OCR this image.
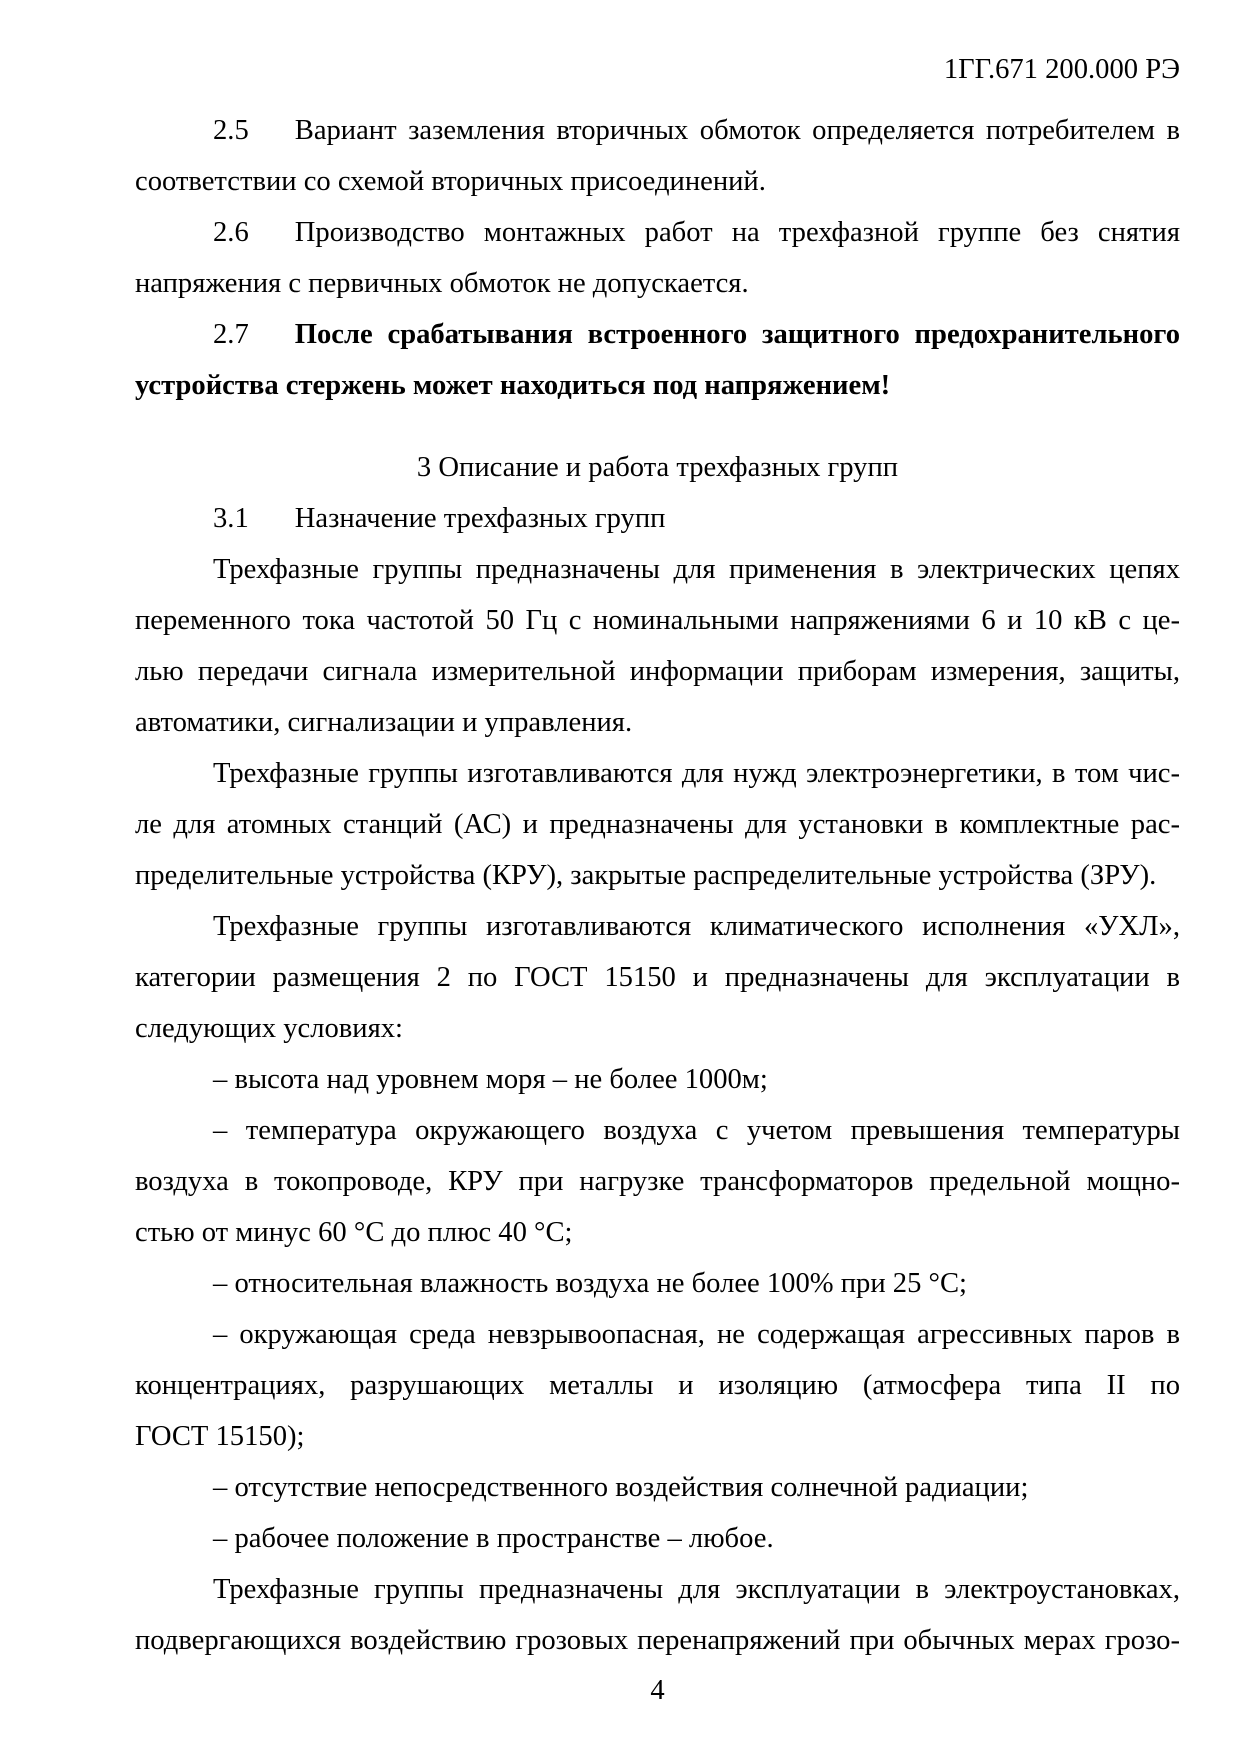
1ГГ.671 200.000 РЭ
2.5 Вариант заземления вторичных обмоток определяется потребителем в
соответствии со схемой вторичных присоединений.
2.6 Производство монтажных работ на трехфазной группе без снятия
напряжения с первичных обмоток не допускается.
2.7 После срабатывания встроенного защитного предохранительного
устройства стержень может находиться под напряжением!
3 Описание и работа трехфазных групп
3.1 Назначение трехфазных групп
Трехфазные группы предназначены для применения в электрических цепях
переменного тока частотой 50 Гц с номинальными напряжениями 6 и 10 кВ с це-
лью передачи сигнала измерительной информации приборам измерения, защиты,
автоматики, сигнализации и управления.
Трехфазные группы изготавливаются для нужд электроэнергетики, в том чис-
ле для атомных станций (АС) и предназначены для установки в комплектные рас-
пределительные устройства (КРУ), закрытые распределительные устройства (ЗРУ).
Трехфазные группы изготавливаются климатического исполнения «УХЛ»,
категории размещения 2 по ГОСТ 15150 и предназначены для эксплуатации в
следующих условиях:
– высота над уровнем моря – не более 1000м;
– температура окружающего воздуха с учетом превышения температуры
воздуха в токопроводе, КРУ при нагрузке трансформаторов предельной мощно-
стью от минус 60 °С до плюс 40 °С;
– относительная влажность воздуха не более 100% при 25 °С;
– окружающая среда невзрывоопасная, не содержащая агрессивных паров в
концентрациях, разрушающих металлы и изоляцию (атмосфера типа II по
ГОСТ 15150);
– отсутствие непосредственного воздействия солнечной радиации;
– рабочее положение в пространстве – любое.
Трехфазные группы предназначены для эксплуатации в электроустановках,
подвергающихся воздействию грозовых перенапряжений при обычных мерах грозо-
4
